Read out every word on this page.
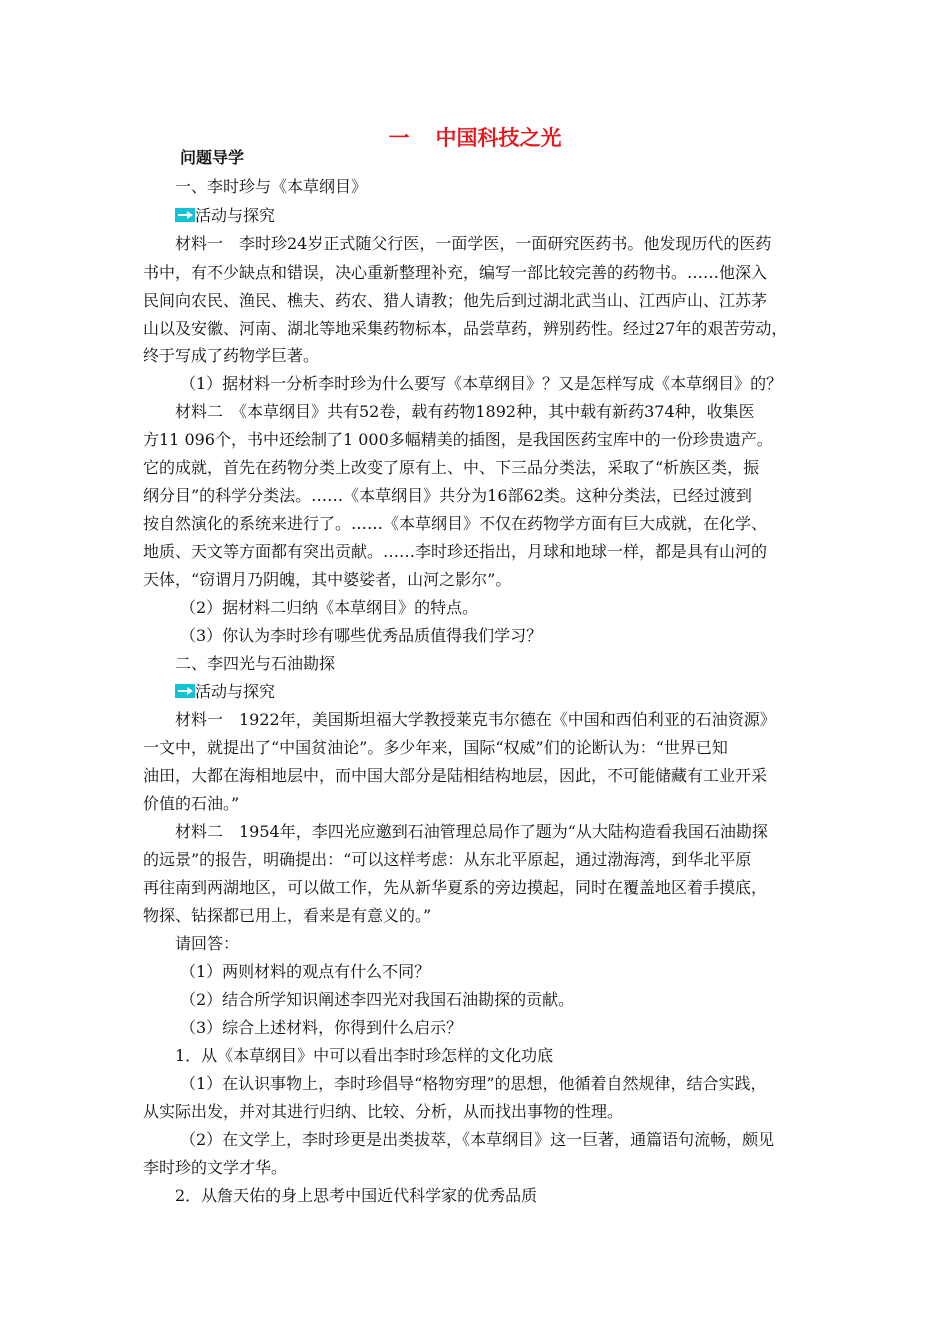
一 中国科技之光
问题导学
一、李时珍与《本草纲目》
活动与探究
材料一　李时珍24岁正式随父行医，一面学医，一面研究医药书。他发现历代的医药
书中，有不少缺点和错误，决心重新整理补充，编写一部比较完善的药物书。……他深入
民间向农民、渔民、樵夫、药农、猎人请教；他先后到过湖北武当山、江西庐山、江苏茅
山以及安徽、河南、湖北等地采集药物标本，品尝草药，辨别药性。经过27年的艰苦劳动，
终于写成了药物学巨著。
（1）据材料一分析李时珍为什么要写《本草纲目》？又是怎样写成《本草纲目》的？
材料二　《本草纲目》共有52卷，载有药物1892种，其中载有新药374种，收集医
方11 096个，书中还绘制了1 000多幅精美的插图，是我国医药宝库中的一份珍贵遗产。
它的成就，首先在药物分类上改变了原有上、中、下三品分类法，采取了“析族区类，振
纲分目”的科学分类法。……《本草纲目》共分为16部62类。这种分类法，已经过渡到
按自然演化的系统来进行了。……《本草纲目》不仅在药物学方面有巨大成就，在化学、
地质、天文等方面都有突出贡献。……李时珍还指出，月球和地球一样，都是具有山河的
天体，“窃谓月乃阴魄，其中婆娑者，山河之影尔”。
（2）据材料二归纳《本草纲目》的特点。
（3）你认为李时珍有哪些优秀品质值得我们学习？
二、李四光与石油勘探
活动与探究
材料一　1922年，美国斯坦福大学教授莱克韦尔德在《中国和西伯利亚的石油资源》
一文中，就提出了“中国贫油论”。多少年来，国际“权威”们的论断认为：“世界已知
油田，大都在海相地层中，而中国大部分是陆相结构地层，因此，不可能储藏有工业开采
价值的石油。”
材料二　1954年，李四光应邀到石油管理总局作了题为“从大陆构造看我国石油勘探
的远景”的报告，明确提出：“可以这样考虑：从东北平原起，通过渤海湾，到华北平原
再往南到两湖地区，可以做工作，先从新华夏系的旁边摸起，同时在覆盖地区着手摸底，
物探、钻探都已用上，看来是有意义的。”
请回答：
（1）两则材料的观点有什么不同？
（2）结合所学知识阐述李四光对我国石油勘探的贡献。
（3）综合上述材料，你得到什么启示？
1．从《本草纲目》中可以看出李时珍怎样的文化功底
（1）在认识事物上，李时珍倡导“格物穷理”的思想，他循着自然规律，结合实践，
从实际出发，并对其进行归纳、比较、分析，从而找出事物的性理。
（2）在文学上，李时珍更是出类拔萃，《本草纲目》这一巨著，通篇语句流畅，颇见
李时珍的文学才华。
2．从詹天佑的身上思考中国近代科学家的优秀品质
